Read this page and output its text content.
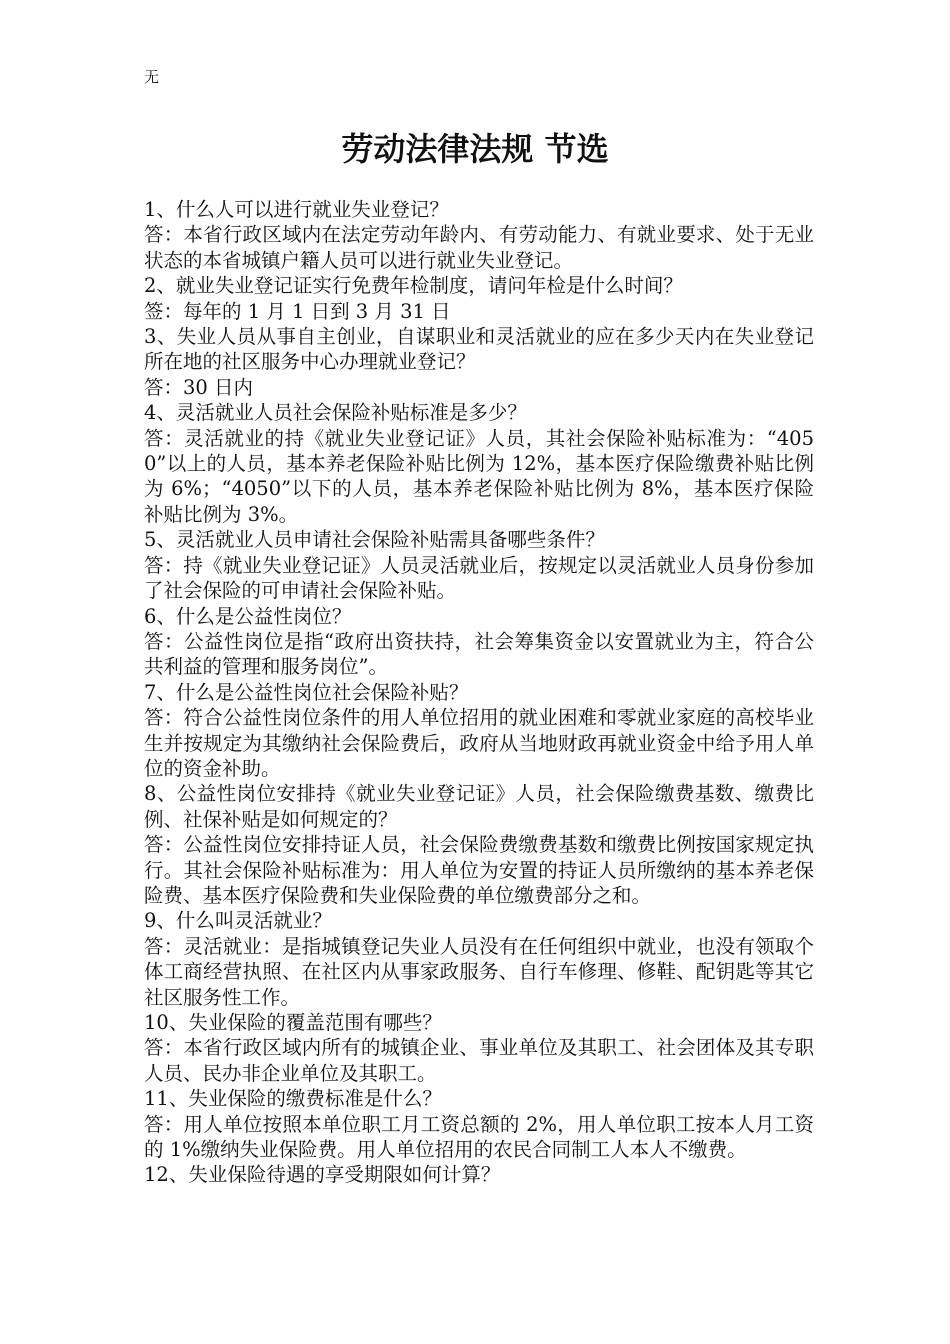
无
劳动法律法规 节选

1、什么人可以进行就业失业登记？

答：本省行政区域内在法定劳动年龄内、有劳动能力、有就业要求、处于无业状态的本省城镇户籍人员可以进行就业失业登记。

2、就业失业登记证实行免费年检制度，请问年检是什么时间？

签：每年的 1 月 1 日到 3 月 31 日

3、失业人员从事自主创业，自谋职业和灵活就业的应在多少天内在失业登记所在地的社区服务中心办理就业登记？

答：30 日内

4、灵活就业人员社会保险补贴标准是多少？

答：灵活就业的持《就业失业登记证》人员，其社会保险补贴标准为：“4050”以上的人员，基本养老保险补贴比例为 12%，基本医疗保险缴费补贴比例为 6%；“4050”以下的人员，基本养老保险补贴比例为 8%，基本医疗保险补贴比例为 3%。

5、灵活就业人员申请社会保险补贴需具备哪些条件？

答：持《就业失业登记证》人员灵活就业后，按规定以灵活就业人员身份参加了社会保险的可申请社会保险补贴。

6、什么是公益性岗位？

答：公益性岗位是指“政府出资扶持，社会筹集资金以安置就业为主，符合公共利益的管理和服务岗位”。

7、什么是公益性岗位社会保险补贴？

答：符合公益性岗位条件的用人单位招用的就业困难和零就业家庭的高校毕业生并按规定为其缴纳社会保险费后，政府从当地财政再就业资金中给予用人单位的资金补助。

8、公益性岗位安排持《就业失业登记证》人员，社会保险缴费基数、缴费比例、社保补贴是如何规定的？

答：公益性岗位安排持证人员，社会保险费缴费基数和缴费比例按国家规定执行。其社会保险补贴标准为：用人单位为安置的持证人员所缴纳的基本养老保险费、基本医疗保险费和失业保险费的单位缴费部分之和。

9、什么叫灵活就业？

答：灵活就业：是指城镇登记失业人员没有在任何组织中就业，也没有领取个体工商经营执照、在社区内从事家政服务、自行车修理、修鞋、配钥匙等其它社区服务性工作。

10、失业保险的覆盖范围有哪些？

答：本省行政区域内所有的城镇企业、事业单位及其职工、社会团体及其专职人员、民办非企业单位及其职工。

11、失业保险的缴费标准是什么？

答：用人单位按照本单位职工月工资总额的 2%，用人单位职工按本人月工资的 1%缴纳失业保险费。用人单位招用的农民合同制工人本人不缴费。

12、失业保险待遇的享受期限如何计算？
